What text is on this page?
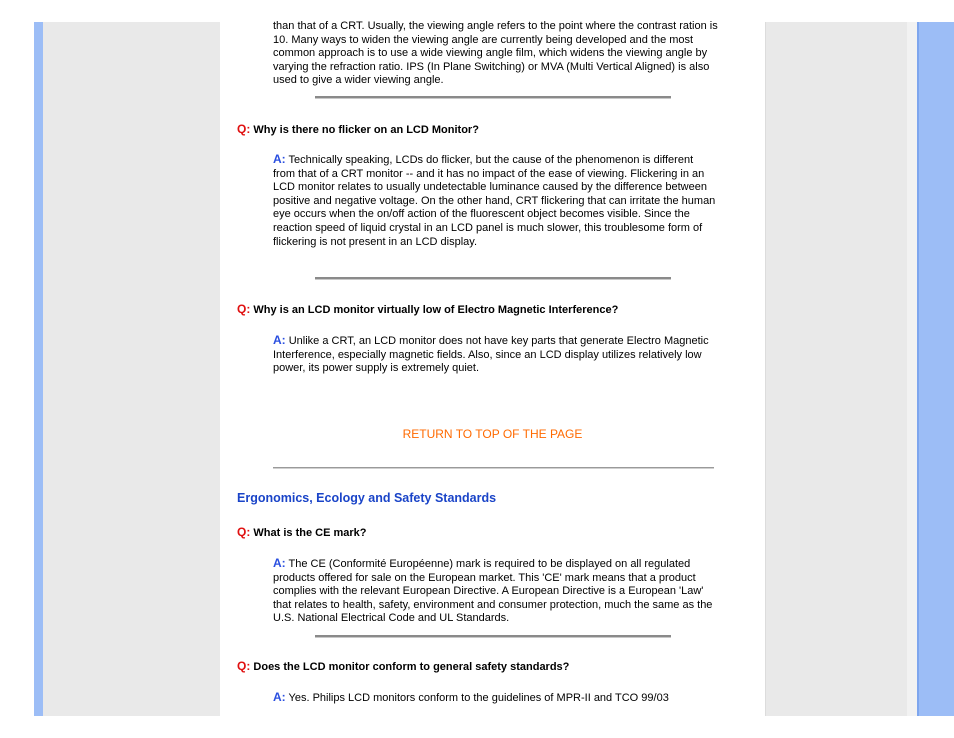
than that of a CRT. Usually, the viewing angle refers to the point where the contrast ration is 10. Many ways to widen the viewing angle are currently being developed and the most common approach is to use a wide viewing angle film, which widens the viewing angle by varying the refraction ratio. IPS (In Plane Switching) or MVA (Multi Vertical Aligned) is also used to give a wider viewing angle.

Q: Why is there no flicker on an LCD Monitor?

A: Technically speaking, LCDs do flicker, but the cause of the phenomenon is different from that of a CRT monitor -- and it has no impact of the ease of viewing. Flickering in an LCD monitor relates to usually undetectable luminance caused by the difference between positive and negative voltage. On the other hand, CRT flickering that can irritate the human eye occurs when the on/off action of the fluorescent object becomes visible. Since the reaction speed of liquid crystal in an LCD panel is much slower, this troublesome form of flickering is not present in an LCD display.

Q: Why is an LCD monitor virtually low of Electro Magnetic Interference?

A: Unlike a CRT, an LCD monitor does not have key parts that generate Electro Magnetic Interference, especially magnetic fields. Also, since an LCD display utilizes relatively low power, its power supply is extremely quiet.

RETURN TO TOP OF THE PAGE
Ergonomics, Ecology and Safety Standards

Q: What is the CE mark?

A: The CE (Conformité Européenne) mark is required to be displayed on all regulated products offered for sale on the European market. This 'CE' mark means that a product complies with the relevant European Directive. A European Directive is a European 'Law' that relates to health, safety, environment and consumer protection, much the same as the U.S. National Electrical Code and UL Standards.

Q: Does the LCD monitor conform to general safety standards?

A: Yes. Philips LCD monitors conform to the guidelines of MPR-II and TCO 99/03
